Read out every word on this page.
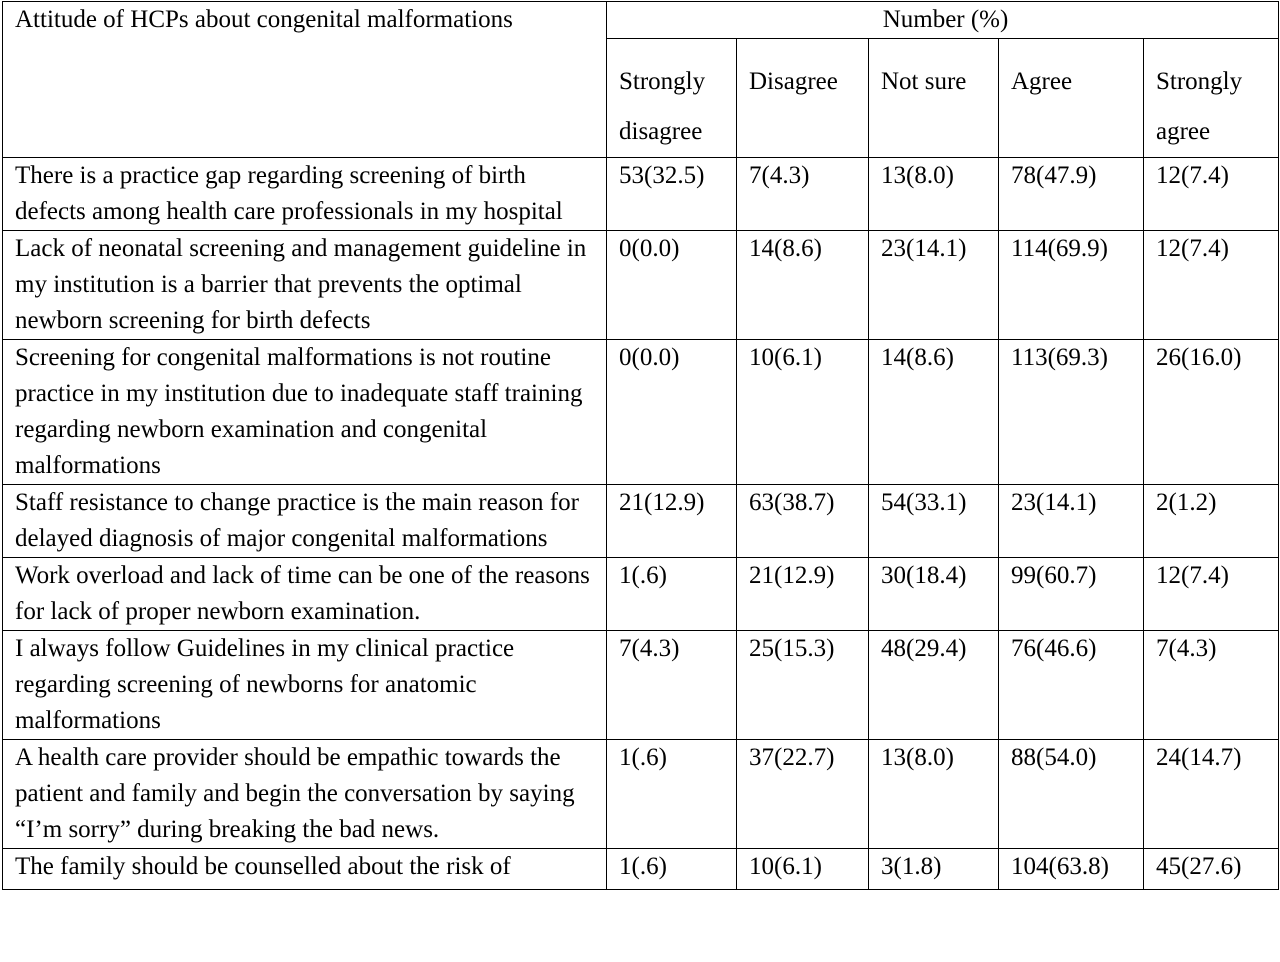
Attitude of HCPs about congenital malformations	Number (%)				
	Strongly disagree	Disagree	Not sure	Agree	Strongly agree
There is a practice gap regarding screening of birth defects among health care professionals in my hospital	53(32.5)	7(4.3)	13(8.0)	78(47.9)	12(7.4)
Lack of neonatal screening and management guideline in my institution is a barrier that prevents the optimal newborn screening for birth defects	0(0.0)	14(8.6)	23(14.1)	114(69.9)	12(7.4)
Screening for congenital malformations is not routine practice in my institution due to inadequate staff training regarding newborn examination and congenital malformations	0(0.0)	10(6.1)	14(8.6)	113(69.3)	26(16.0)
Staff resistance to change practice is the main reason for delayed diagnosis of major congenital malformations	21(12.9)	63(38.7)	54(33.1)	23(14.1)	2(1.2)
Work overload and lack of time can be one of the reasons for lack of proper newborn examination.	1(.6)	21(12.9)	30(18.4)	99(60.7)	12(7.4)
I always follow Guidelines in my clinical practice regarding screening of newborns for anatomic malformations	7(4.3)	25(15.3)	48(29.4)	76(46.6)	7(4.3)
A health care provider should be empathic towards the patient and family and begin the conversation by saying “I’m sorry” during breaking the bad news.	1(.6)	37(22.7)	13(8.0)	88(54.0)	24(14.7)
The family should be counselled about the risk of	1(.6)	10(6.1)	3(1.8)	104(63.8)	45(27.6)
